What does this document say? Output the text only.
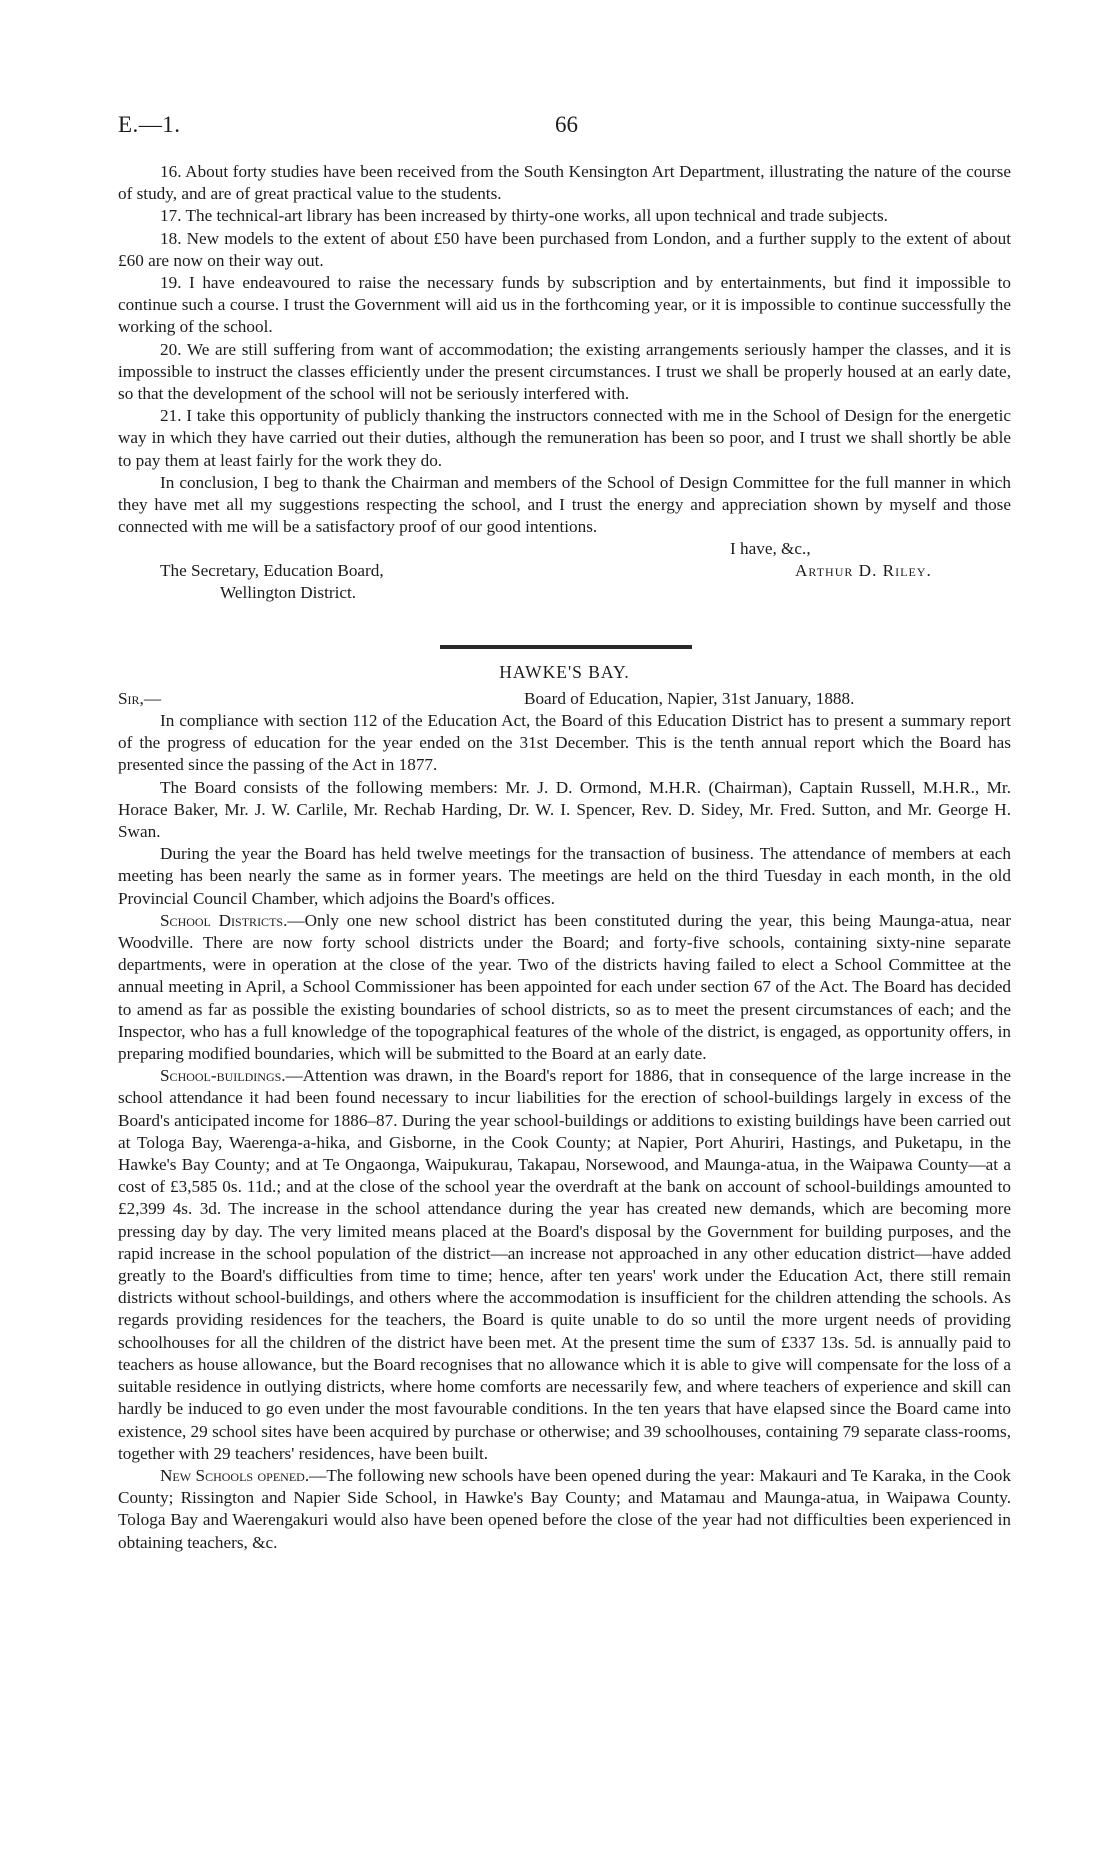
E.—1.	66

16. About forty studies have been received from the South Kensington Art Department, illustrating the nature of the course of study, and are of great practical value to the students.

17. The technical-art library has been increased by thirty-one works, all upon technical and trade subjects.

18. New models to the extent of about £50 have been purchased from London, and a further supply to the extent of about £60 are now on their way out.

19. I have endeavoured to raise the necessary funds by subscription and by entertainments, but find it impossible to continue such a course. I trust the Government will aid us in the forthcoming year, or it is impossible to continue successfully the working of the school.

20. We are still suffering from want of accommodation; the existing arrangements seriously hamper the classes, and it is impossible to instruct the classes efficiently under the present circumstances. I trust we shall be properly housed at an early date, so that the development of the school will not be seriously interfered with.

21. I take this opportunity of publicly thanking the instructors connected with me in the School of Design for the energetic way in which they have carried out their duties, although the remuneration has been so poor, and I trust we shall shortly be able to pay them at least fairly for the work they do.

In conclusion, I beg to thank the Chairman and members of the School of Design Committee for the full manner in which they have met all my suggestions respecting the school, and I trust the energy and appreciation shown by myself and those connected with me will be a satisfactory proof of our good intentions.

I have, &c.,
The Secretary, Education Board,	Arthur D. Riley.
Wellington District.
HAWKE'S BAY.
Sir,—	Board of Education, Napier, 31st January, 1888.

In compliance with section 112 of the Education Act, the Board of this Education District has to present a summary report of the progress of education for the year ended on the 31st December. This is the tenth annual report which the Board has presented since the passing of the Act in 1877.

The Board consists of the following members: Mr. J. D. Ormond, M.H.R. (Chairman), Captain Russell, M.H.R., Mr. Horace Baker, Mr. J. W. Carlile, Mr. Rechab Harding, Dr. W. I. Spencer, Rev. D. Sidey, Mr. Fred. Sutton, and Mr. George H. Swan.

During the year the Board has held twelve meetings for the transaction of business. The attendance of members at each meeting has been nearly the same as in former years. The meetings are held on the third Tuesday in each month, in the old Provincial Council Chamber, which adjoins the Board's offices.

School Districts.—Only one new school district has been constituted during the year, this being Maunga-atua, near Woodville. There are now forty school districts under the Board; and forty-five schools, containing sixty-nine separate departments, were in operation at the close of the year. Two of the districts having failed to elect a School Committee at the annual meeting in April, a School Commissioner has been appointed for each under section 67 of the Act. The Board has decided to amend as far as possible the existing boundaries of school districts, so as to meet the present circumstances of each; and the Inspector, who has a full knowledge of the topographical features of the whole of the district, is engaged, as opportunity offers, in preparing modified boundaries, which will be submitted to the Board at an early date.

School-buildings.—Attention was drawn, in the Board's report for 1886, that in consequence of the large increase in the school attendance it had been found necessary to incur liabilities for the erection of school-buildings largely in excess of the Board's anticipated income for 1886–87. During the year school-buildings or additions to existing buildings have been carried out at Tologa Bay, Waerenga-a-hika, and Gisborne, in the Cook County; at Napier, Port Ahuriri, Hastings, and Puketapu, in the Hawke's Bay County; and at Te Ongaonga, Waipukurau, Takapau, Norsewood, and Maunga-atua, in the Waipawa County—at a cost of £3,585 0s. 11d.; and at the close of the school year the overdraft at the bank on account of school-buildings amounted to £2,399 4s. 3d. The increase in the school attendance during the year has created new demands, which are becoming more pressing day by day. The very limited means placed at the Board's disposal by the Government for building purposes, and the rapid increase in the school population of the district—an increase not approached in any other education district—have added greatly to the Board's difficulties from time to time; hence, after ten years' work under the Education Act, there still remain districts without school-buildings, and others where the accommodation is insufficient for the children attending the schools. As regards providing residences for the teachers, the Board is quite unable to do so until the more urgent needs of providing schoolhouses for all the children of the district have been met. At the present time the sum of £337 13s. 5d. is annually paid to teachers as house allowance, but the Board recognises that no allowance which it is able to give will compensate for the loss of a suitable residence in outlying districts, where home comforts are necessarily few, and where teachers of experience and skill can hardly be induced to go even under the most favourable conditions. In the ten years that have elapsed since the Board came into existence, 29 school sites have been acquired by purchase or otherwise; and 39 schoolhouses, containing 79 separate class-rooms, together with 29 teachers' residences, have been built.

New Schools opened.—The following new schools have been opened during the year: Makauri and Te Karaka, in the Cook County; Rissington and Napier Side School, in Hawke's Bay County; and Matamau and Maunga-atua, in Waipawa County. Tologa Bay and Waerengakuri would also have been opened before the close of the year had not difficulties been experienced in obtaining teachers, &c.
